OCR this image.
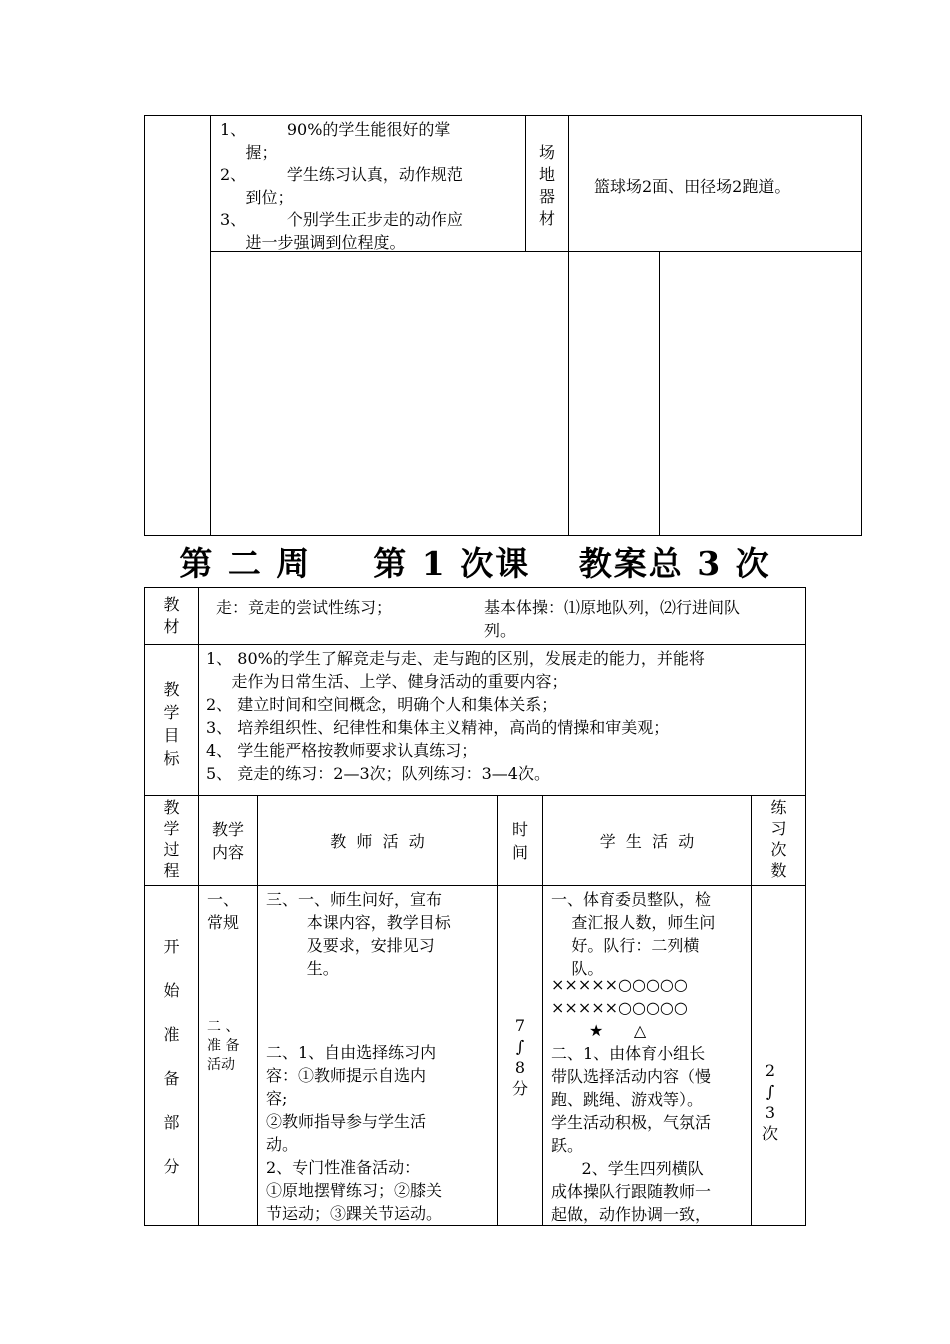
1、        90%的学生能很好的掌
握；
2、        学生练习认真，动作规范
到位；
3、        个别学生正步走的动作应
进一步强调到位程度。
场
地
器
材
篮球场2面、田径场2跑道。
第 二 周 第 1 次课 教案总 3 次
教
材
走：竞走的尝试性练习；	基本体操：⑴原地队列，⑵行进间队
列。
教
学
目
标
1、 80%的学生了解竞走与走、走与跑的区别，发展走的能力，并能将
走作为日常生活、上学、健身活动的重要内容；
2、 建立时间和空间概念，明确个人和集体关系；
3、 培养组织性、纪律性和集体主义精神，高尚的情操和审美观；
4、 学生能严格按教师要求认真练习；
5、 竞走的练习：2—3次；队列练习：3—4次。
教
学
过
程
教学
内容
教  师  活  动
时
间
学  生  活  动
练
习
次
数
开

始

准

备

部

分
一、
常规
二 、
准 备
活动
三、一、师生问好，宣布
本课内容，教学目标
及要求，安排见习
生。
二、1、自由选择练习内
容：①教师提示自选内
容;
②教师指导参与学生活
动。
2、专门性准备活动：
①原地摆臂练习；②膝关
节运动；③踝关节运动。
7
∫
8
分
一、体育委员整队，检
查汇报人数，师生问
好。队行：二列横
队。
×××××○○○○○
×××××○○○○○
★      △
二、1、由体育小组长
带队选择活动内容（慢
跑、跳绳、游戏等）。
学生活动积极，气氛活
跃。
2、学生四列横队
成体操队行跟随教师一
起做，动作协调一致，
2
∫
3
次
